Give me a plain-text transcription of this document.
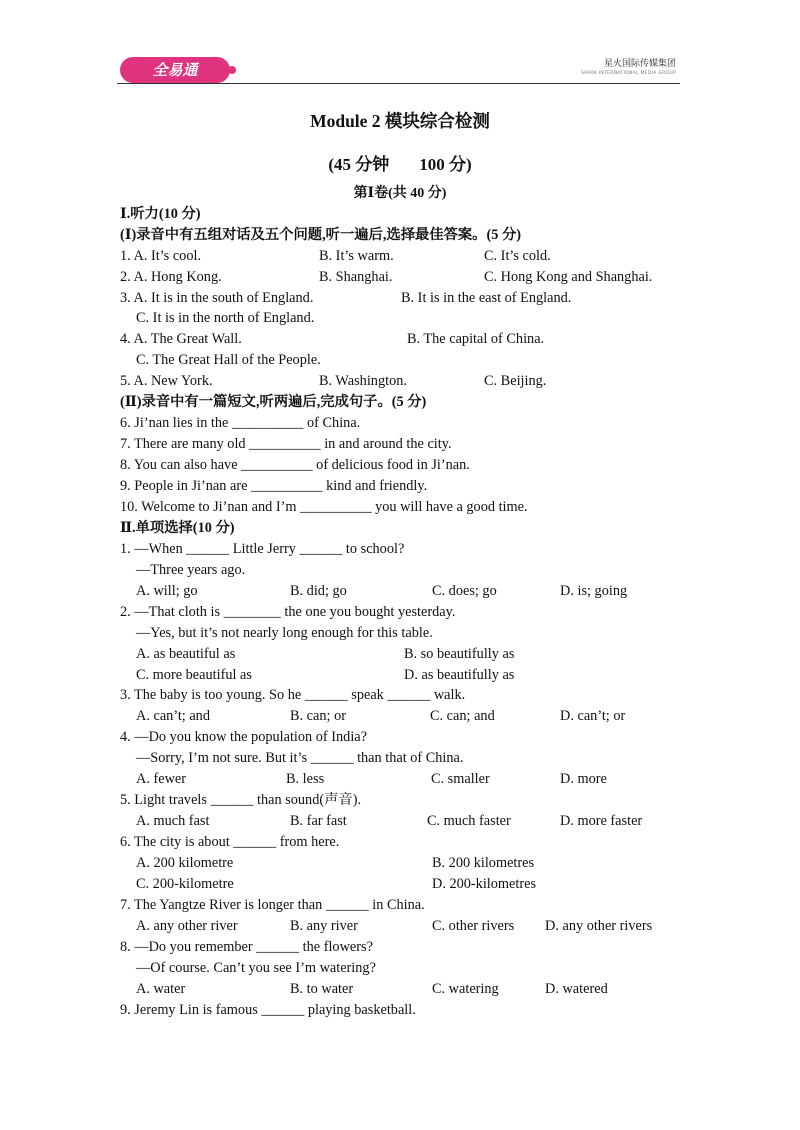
全易通	星火国际传媒集团
SPARK INTERNATIONAL MEDIA GROUP
Module 2 模块综合检测
(45 分钟 100 分)
第Ⅰ卷(共 40 分)
Ⅰ.听力(10 分)
(Ⅰ)录音中有五组对话及五个问题,听一遍后,选择最佳答案。(5 分)
1. A. It’s cool.	B. It’s warm.	C. It’s cold.
2. A. Hong Kong.	B. Shanghai.	C. Hong Kong and Shanghai.
3. A. It is in the south of England.	B. It is in the east of England.
C. It is in the north of England.
4. A. The Great Wall.	B. The capital of China.
C. The Great Hall of the People.
5. A. New York.	B. Washington.	C. Beijing.
(Ⅱ)录音中有一篇短文,听两遍后,完成句子。(5 分)
6. Ji’nan lies in the __________ of China.
7. There are many old __________ in and around the city.
8. You can also have __________ of delicious food in Ji’nan.
9. People in Ji’nan are __________ kind and friendly.
10. Welcome to Ji’nan and I’m __________ you will have a good time.
Ⅱ.单项选择(10 分)
1. —When ______ Little Jerry ______ to school?
—Three years ago.
A. will; go	B. did; go	C. does; go	D. is; going
2. —That cloth is ________ the one you bought yesterday.
—Yes, but it’s not nearly long enough for this table.
A. as beautiful as	B. so beautifully as
C. more beautiful as	D. as beautifully as
3. The baby is too young. So he ______ speak ______ walk.
A. can’t; and	B. can; or	C. can; and	D. can’t; or
4. —Do you know the population of India?
—Sorry, I’m not sure. But it’s ______ than that of China.
A. fewer	B. less	C. smaller	D. more
5. Light travels ______ than sound(声音).
A. much fast	B. far fast	C. much faster	D. more faster
6. The city is about ______ from here.
A. 200 kilometre	B. 200 kilometres
C. 200-kilometre	D. 200-kilometres
7. The Yangtze River is longer than ______ in China.
A. any other river	B. any river	C. other rivers D. any other rivers
8. —Do you remember ______ the flowers?
—Of course. Can’t you see I’m watering?
A. water	B. to water	C. watering	D. watered
9. Jeremy Lin is famous ______ playing basketball.
